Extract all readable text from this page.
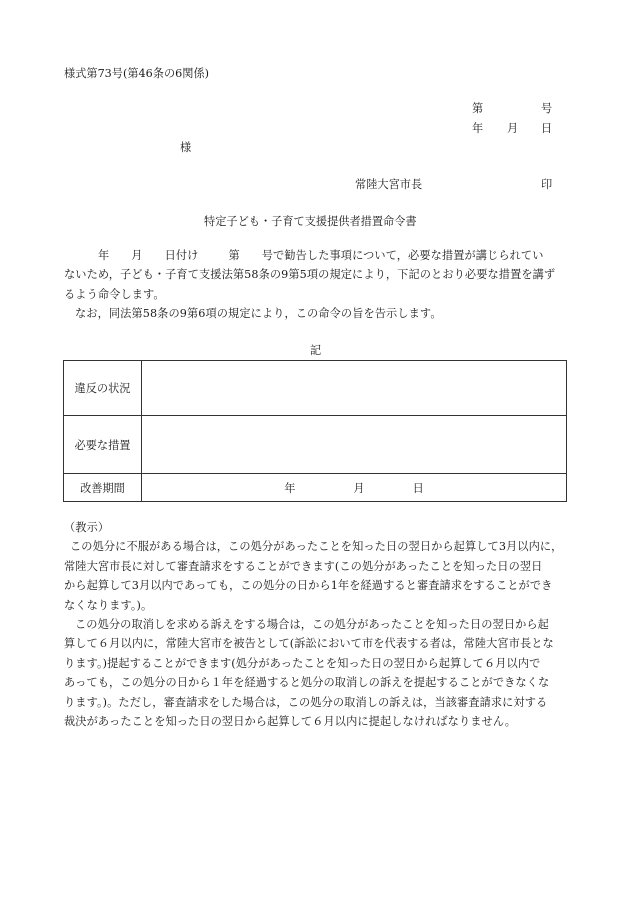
様式第73号(第46条の6関係)
第	号
年 月 日
様
常陸大宮市長	印
特定子ども・子育て支援提供者措置命令書

年 月 日付け	第 号で勧告した事項について，必要な措置が講じられてい

ないため，子ども・子育て支援法第58条の9第5項の規定により，下記のとおり必要な措置を講ず

るよう命令します。

なお，同法第58条の9第6項の規定により，この命令の旨を告示します。

記
違反の状況	
必要な措置	
改善期間	年 月 日

（教示）

この処分に不服がある場合は，この処分があったことを知った日の翌日から起算して3月以内に，

常陸大宮市長に対して審査請求をすることができます(この処分があったことを知った日の翌日

から起算して3月以内であっても，この処分の日から1年を経過すると審査請求をすることができ

なくなります。)。

この処分の取消しを求める訴えをする場合は，この処分があったことを知った日の翌日から起

算して６月以内に，常陸大宮市を被告として(訴訟において市を代表する者は，常陸大宮市長とな

ります。)提起することができます(処分があったことを知った日の翌日から起算して６月以内で

あっても，この処分の日から１年を経過すると処分の取消しの訴えを提起することができなくな

ります。)。ただし，審査請求をした場合は，この処分の取消しの訴えは，当該審査請求に対する

裁決があったことを知った日の翌日から起算して６月以内に提起しなければなりません。
